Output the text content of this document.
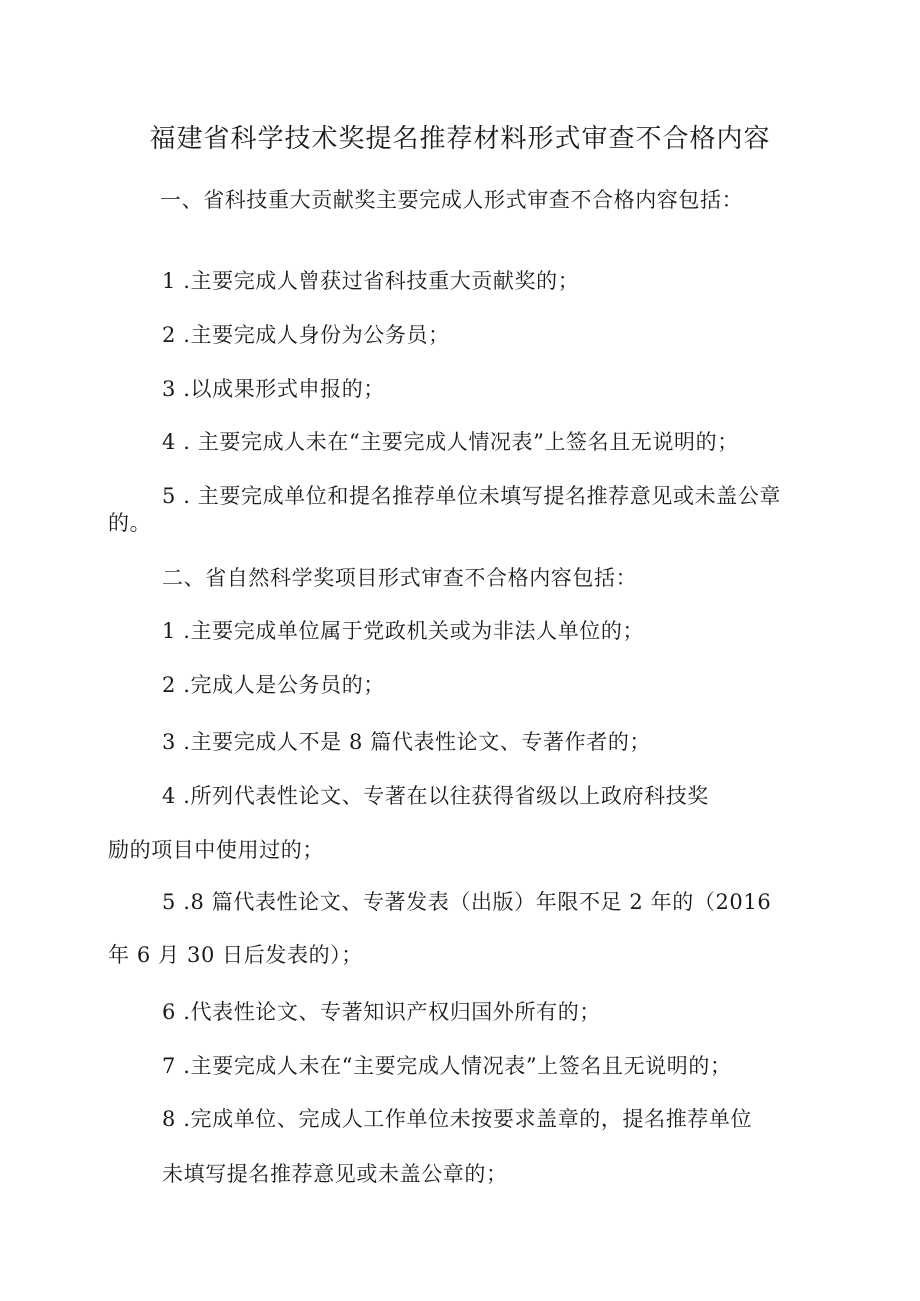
福建省科学技术奖提名推荐材料形式审查不合格内容
一、省科技重大贡献奖主要完成人形式审查不合格内容包括：
1 .主要完成人曾获过省科技重大贡献奖的；
2 .主要完成人身份为公务员；
3 .以成果形式申报的；
4 . 主要完成人未在“主要完成人情况表”上签名且无说明的；
5 . 主要完成单位和提名推荐单位未填写提名推荐意见或未盖公章
的。
二、省自然科学奖项目形式审查不合格内容包括：
1 .主要完成单位属于党政机关或为非法人单位的；
2 .完成人是公务员的；
3 .主要完成人不是 8 篇代表性论文、专著作者的；
4 .所列代表性论文、专著在以往获得省级以上政府科技奖
励的项目中使用过的；
5 .8 篇代表性论文、专著发表（出版）年限不足 2 年的（2016
年 6 月 30 日后发表的）；
6 .代表性论文、专著知识产权归国外所有的；
7 .主要完成人未在“主要完成人情况表”上签名且无说明的；
8 .完成单位、完成人工作单位未按要求盖章的，提名推荐单位
未填写提名推荐意见或未盖公章的；
